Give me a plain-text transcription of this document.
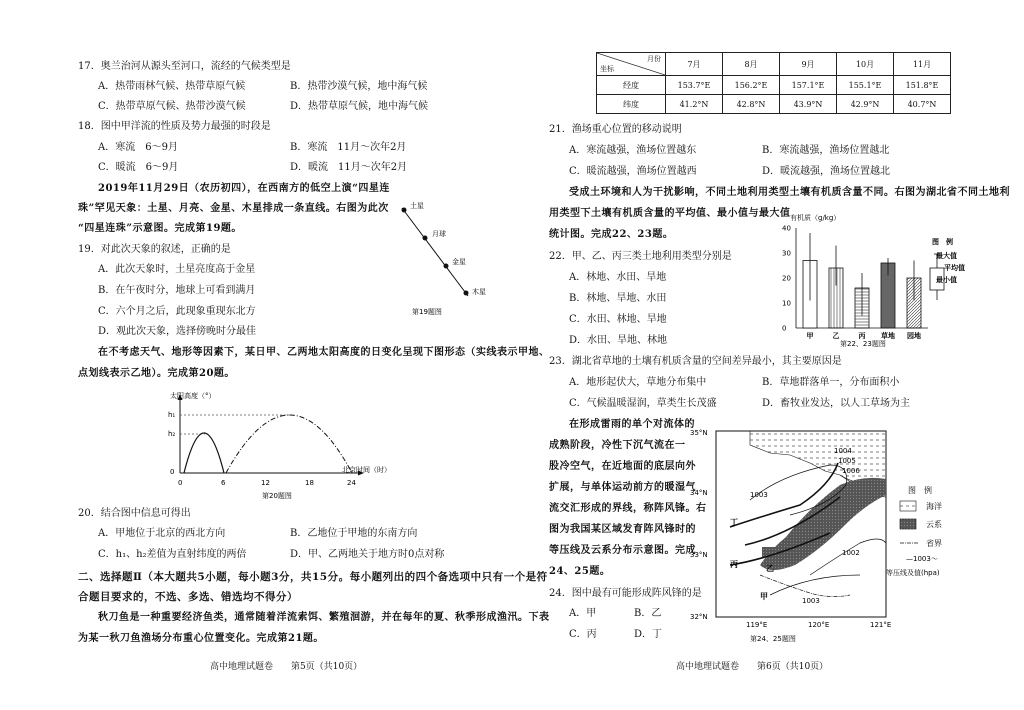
17．奥兰治河从源头至河口，流经的气候类型是
A．热带雨林气候、热带草原气候	B．热带沙漠气候，地中海气候
C．热带草原气候、热带沙漠气候	D．热带草原气候，地中海气候
18．图中甲洋流的性质及势力最强的时段是
A．寒流　6～9月	B．寒流　11月～次年2月
C．暖流　6～9月	D．暖流　11月～次年2月
2019年11月29日（农历初四），在西南方的低空上演“四星连
珠”罕见天象：土星、月亮、金星、木星排成一条直线。右图为此次
“四星连珠”示意图。完成第19题。
土星
月球
金星
木星
第19题图
19．对此次天象的叙述，正确的是
A．此次天象时，土星亮度高于金星
B．在午夜时分，地球上可看到满月
C．六个月之后，此现象重现东北方
D．观此次天象，选择傍晚时分最佳
在不考虑天气、地形等因素下，某日甲、乙两地太阳高度的日变化呈现下图形态（实线表示甲地、
点划线表示乙地）。完成第20题。
太阳高度（°）
h₁
h₂
0
0	6	12	18	24
北京时间（时）
第20题图
20．结合图中信息可得出
A．甲地位于北京的西北方向	B．乙地位于甲地的东南方向
C．h₁、h₂差值为直射纬度的两倍	D．甲、乙两地关于地方时0点对称
二、选择题Ⅱ（本大题共5小题，每小题3分，共15分。每小题列出的四个备选项中只有一个是符
合题目要求的，不选、多选、错选均不得分）
秋刀鱼是一种重要经济鱼类，通常随着洋流索饵、繁殖洄游，并在每年的夏、秋季形成渔汛。下表
为某一秋刀鱼渔场分布重心位置变化。完成第21题。
高中地理试题卷　　第5页（共10页）
月份
坐标	7月	8月	9月	10月	11月
经度	153.7°E	156.2°E	157.1°E	155.1°E	151.8°E
纬度	41.2°N	42.8°N	43.9°N	42.9°N	40.7°N
21．渔场重心位置的移动说明
A．寒流越强，渔场位置越东	B．寒流越强，渔场位置越北
C．暖流越强，渔场位置越西	D．暖流越强，渔场位置越北
受成土环境和人为干扰影响，不同土地利用类型土壤有机质含量不同。右图为湖北省不同土地利
用类型下土壤有机质含量的平均值、最小值与最大值
统计图。完成22、23题。
有机质（g/kg）
0
10
20
30
40
甲	乙	丙 草地 园地
图　例
最大值
平均值
最小值
第22、23题图
22．甲、乙、丙三类土地利用类型分别是
A．林地、水田、旱地
B．林地、旱地、水田
C．水田、林地、旱地
D．水田、旱地、林地
23．湖北省草地的土壤有机质含量的空间差异最小，其主要原因是
A．地形起伏大，草地分布集中	B．草地群落单一，分布面积小
C．气候温暖湿润，草类生长茂盛	D．畜牧业发达，以人工草场为主
在形成雷雨的单个对流体的
成熟阶段，冷性下沉气流在一
股冷空气，在近地面的底层向外
扩展，与单体运动前方的暖湿气
流交汇形成的界线，称阵风锋。右
图为我国某区域发育阵风锋时的
等压线及云系分布示意图。完成
24、25题。
35°N
34°N
33°N
32°N
119°E	120°E	121°E
1004
1005
1006
1003
1002
1003
丁
丙	乙
甲
图　例
海洋
云系
省界
—1003～
等压线及值(hpa)
第24、25题图
24．图中最有可能形成阵风锋的是
A．甲	B．乙
C．丙	D．丁
高中地理试题卷　　第6页（共10页）
